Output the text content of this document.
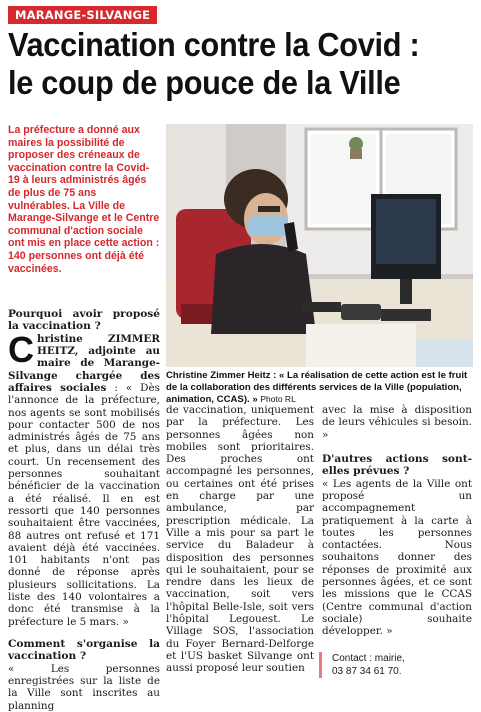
MARANGE-SILVANGE
Vaccination contre la Covid :
le coup de pouce de la Ville

La préfecture a donné aux maires la possibilité de proposer des créneaux de vaccination contre la Covid-19 à leurs administrés âgés de plus de 75 ans vulnérables. La Ville de Marange-Silvange et le Centre communal d'action sociale ont mis en place cette action : 140 personnes ont déjà été vaccinées.

Christine Zimmer Heitz : « La réalisation de cette action est le fruit de la collaboration des différents services de la Ville (population, animation, CCAS). » Photo RL

Pourquoi avoir proposé la vaccination ?

Christine ZIMMER HEITZ, adjointe au maire de Marange-Silvange chargée des affaires sociales : « Dès l'annonce de la préfecture, nos agents se sont mobilisés pour contacter 500 de nos administrés âgés de 75 ans et plus, dans un délai très court. Un recensement des personnes souhaitant bénéficier de la vaccination a été réalisé. Il en est ressorti que 140 personnes souhaitaient être vaccinées, 88 autres ont refusé et 171 avaient déjà été vaccinées. 101 habitants n'ont pas donné de réponse après plusieurs sollicitations. La liste des 140 volontaires a donc été transmise à la préfecture le 5 mars. »

Comment s'organise la vaccination ?

« Les personnes enregistrées sur la liste de la Ville sont inscrites au planning

de vaccination, uniquement par la préfecture. Les personnes âgées non mobiles sont prioritaires. Des proches ont accompagné les personnes, ou certaines ont été prises en charge par une ambulance, par prescription médicale. La Ville a mis pour sa part le service du Baladeur à disposition des personnes qui le souhaitaient, pour se rendre dans les lieux de vaccination, soit vers l'hôpital Belle-Isle, soit vers l'hôpital Legouest. Le Village SOS, l'association du Foyer Bernard-Delforge et l'US basket Silvange ont aussi proposé leur soutien

avec la mise à disposition de leurs véhicules si besoin. »

D'autres actions sont-elles prévues ?

« Les agents de la Ville ont proposé un accompagnement pratiquement à la carte à toutes les personnes contactées. Nous souhaitons donner des réponses de proximité aux personnes âgées, et ce sont les missions que le CCAS (Centre communal d'action sociale) souhaite développer. »

Contact : mairie,
03 87 34 61 70.
